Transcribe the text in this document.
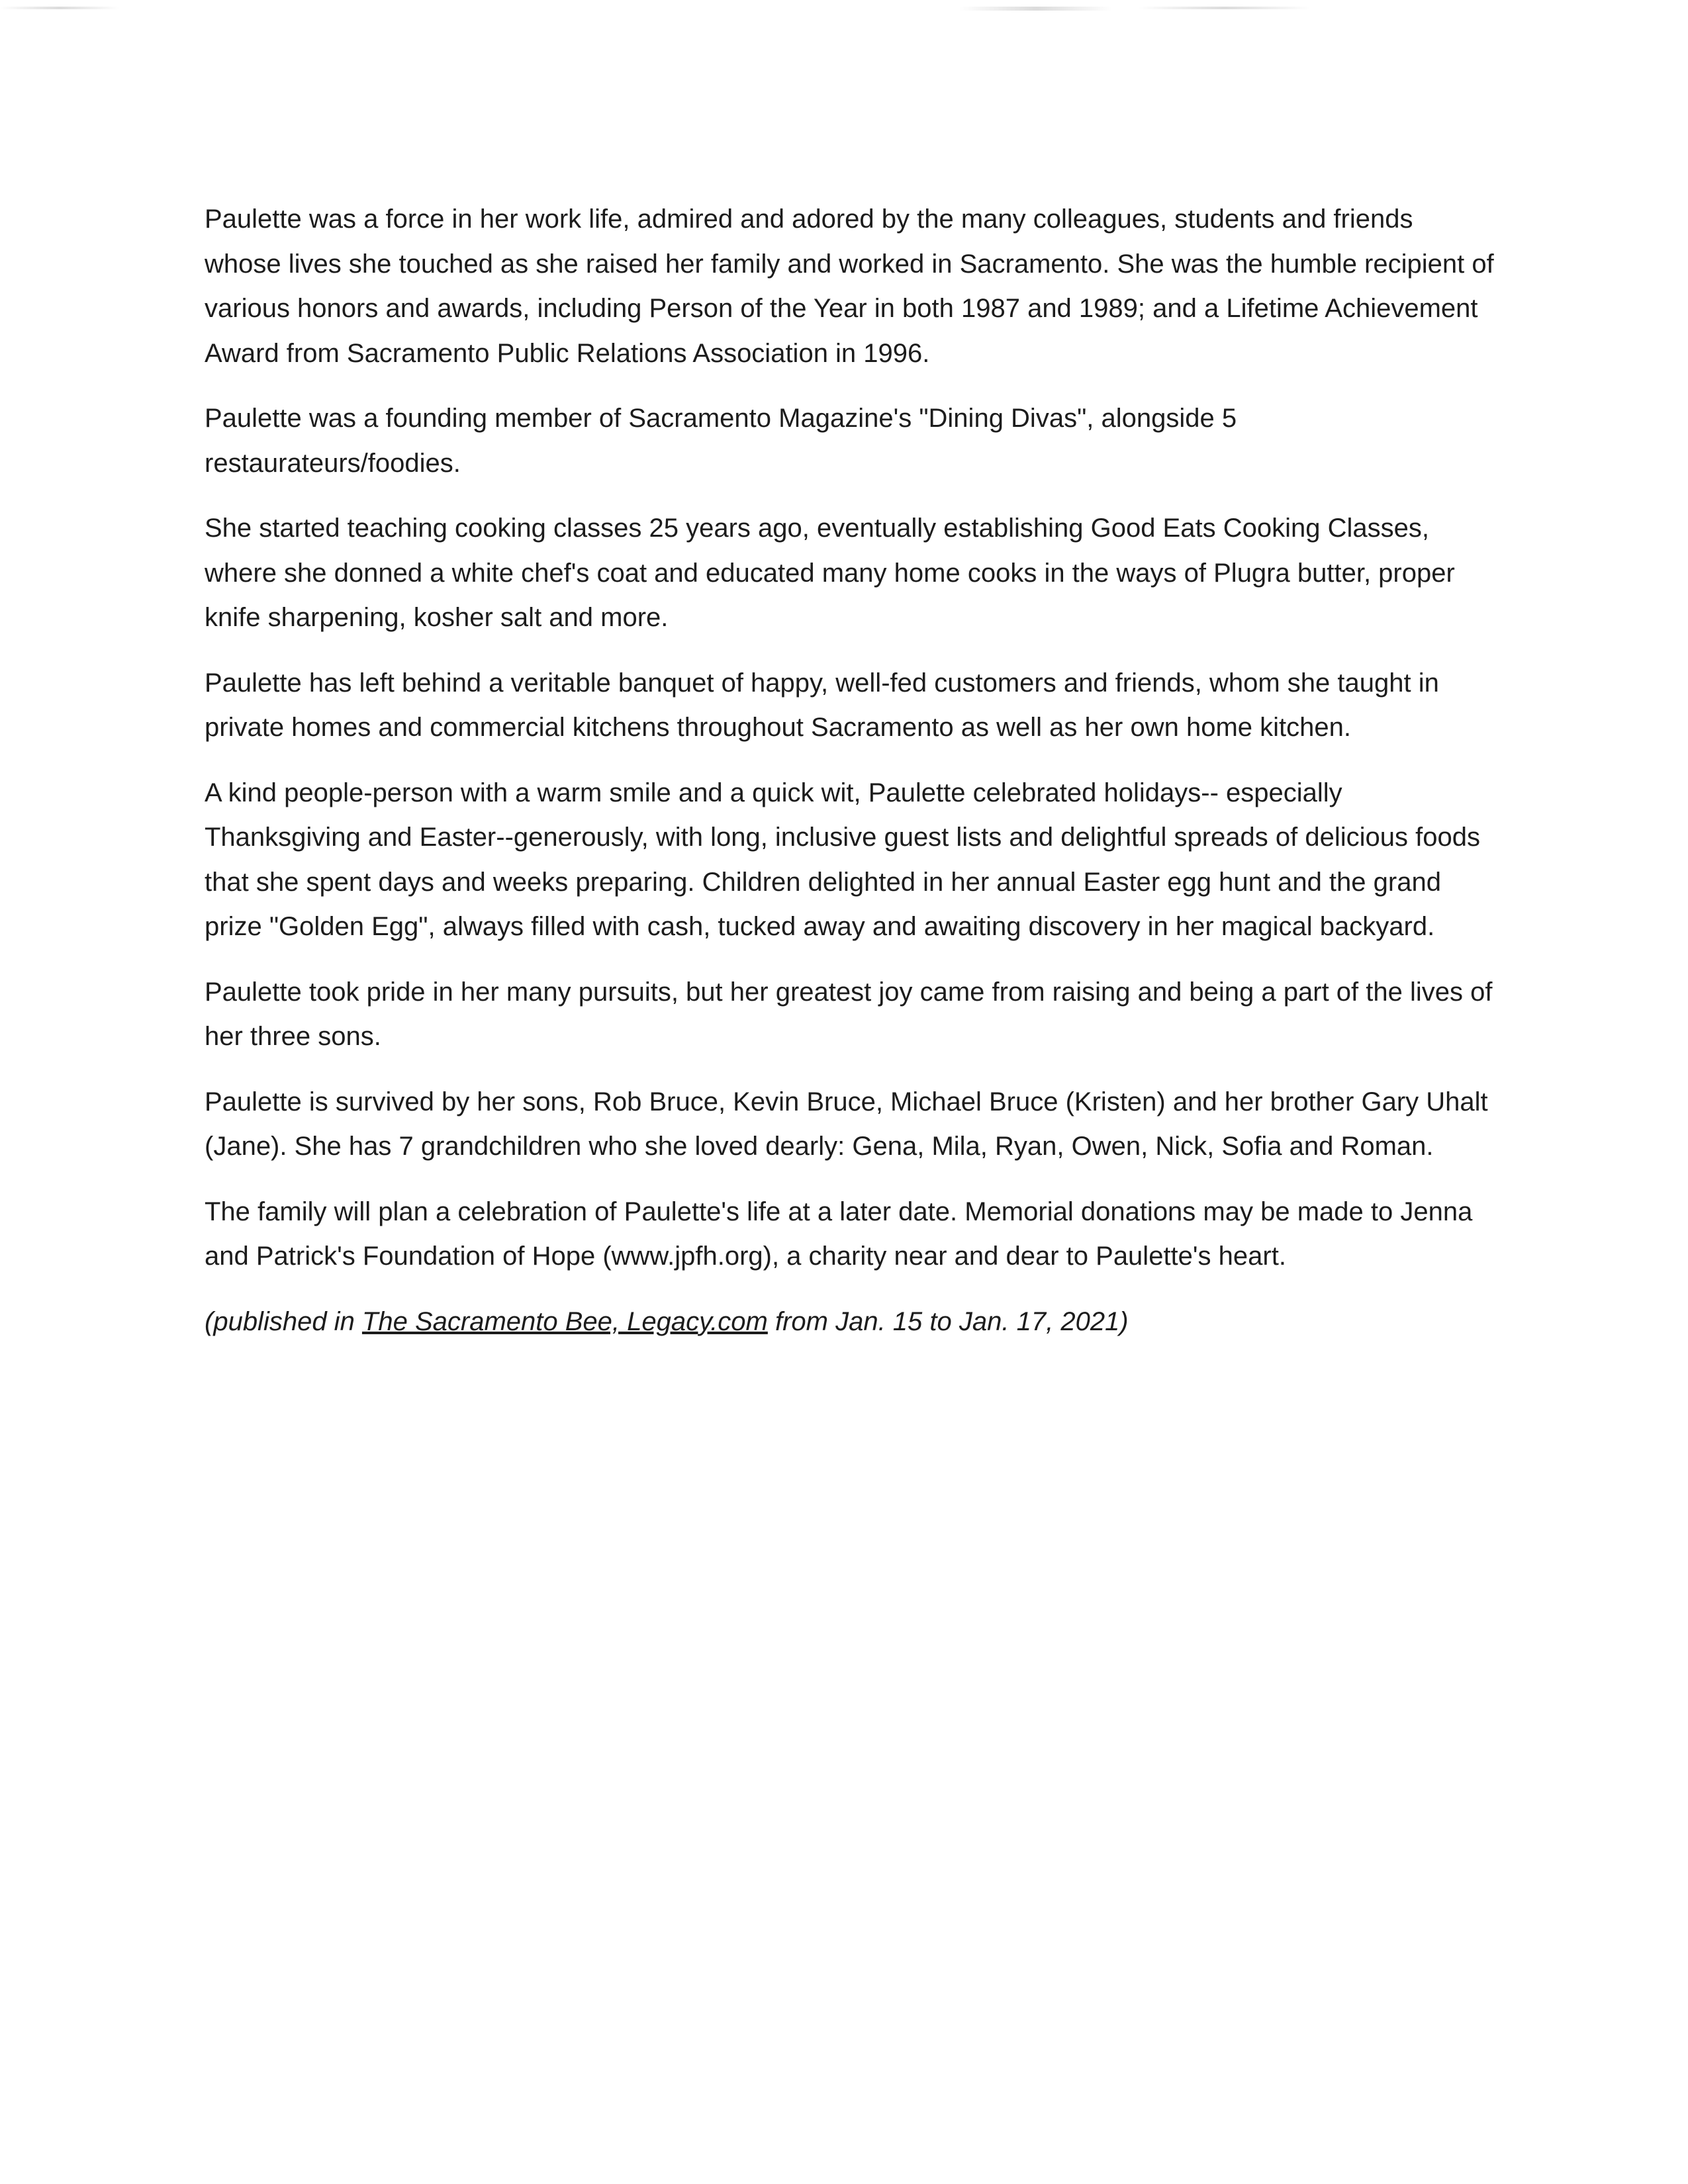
Paulette was a force in her work life, admired and adored by the many colleagues, students and friends whose lives she touched as she raised her family and worked in Sacramento. She was the humble recipient of various honors and awards, including Person of the Year in both 1987 and 1989; and a Lifetime Achievement Award from Sacramento Public Relations Association in 1996.

Paulette was a founding member of Sacramento Magazine's "Dining Divas", alongside 5 restaurateurs/foodies.

She started teaching cooking classes 25 years ago, eventually establishing Good Eats Cooking Classes, where she donned a white chef's coat and educated many home cooks in the ways of Plugra butter, proper knife sharpening, kosher salt and more.

Paulette has left behind a veritable banquet of happy, well-fed customers and friends, whom she taught in private homes and commercial kitchens throughout Sacramento as well as her own home kitchen.

A kind people-person with a warm smile and a quick wit, Paulette celebrated holidays-- especially Thanksgiving and Easter--generously, with long, inclusive guest lists and delightful spreads of delicious foods that she spent days and weeks preparing. Children delighted in her annual Easter egg hunt and the grand prize "Golden Egg", always filled with cash, tucked away and awaiting discovery in her magical backyard.

Paulette took pride in her many pursuits, but her greatest joy came from raising and being a part of the lives of her three sons.

Paulette is survived by her sons, Rob Bruce, Kevin Bruce, Michael Bruce (Kristen) and her brother Gary Uhalt (Jane). She has 7 grandchildren who she loved dearly: Gena, Mila, Ryan, Owen, Nick, Sofia and Roman.

The family will plan a celebration of Paulette's life at a later date. Memorial donations may be made to Jenna and Patrick's Foundation of Hope (www.jpfh.org), a charity near and dear to Paulette's heart.

(published in The Sacramento Bee, Legacy.com from Jan. 15 to Jan. 17, 2021)
